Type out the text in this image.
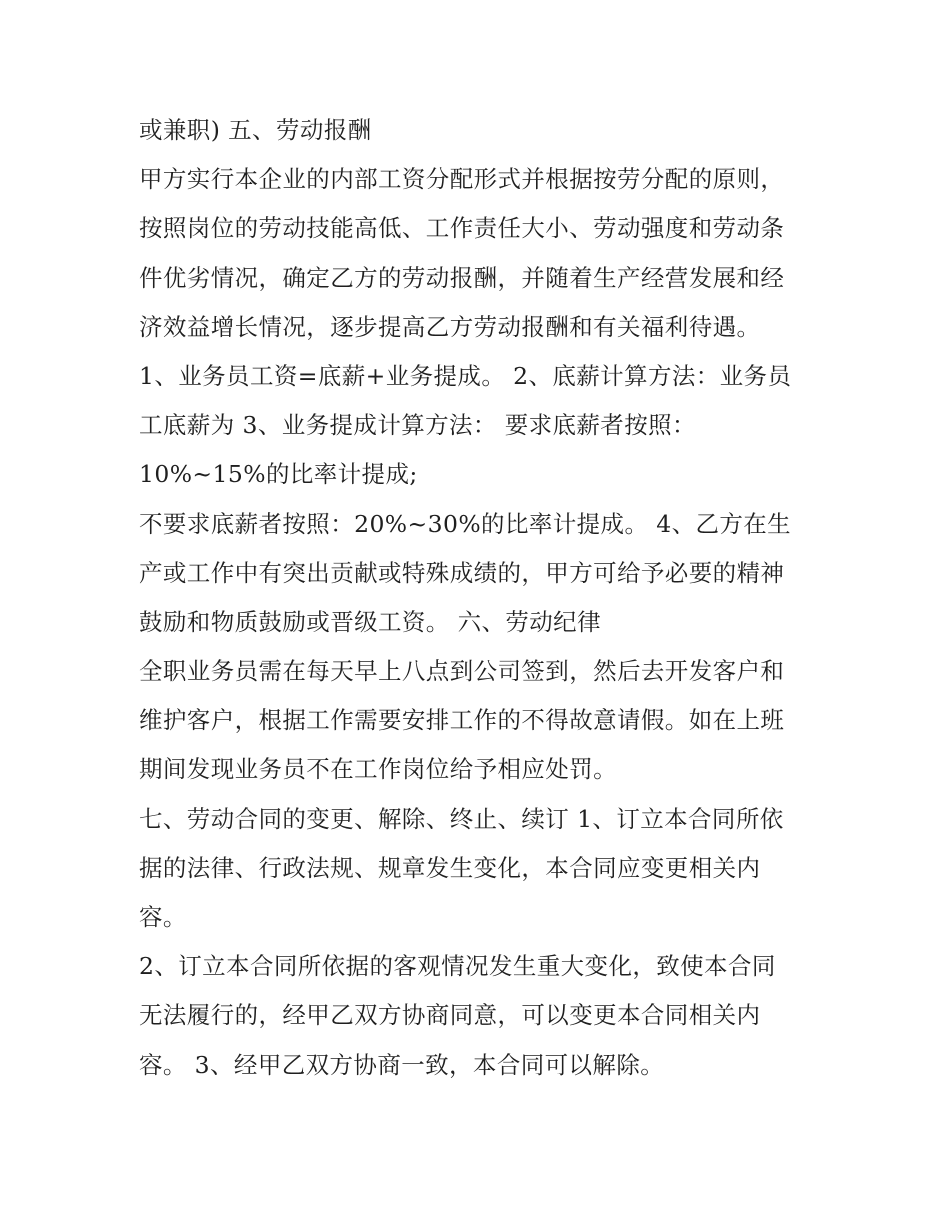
或兼职) 五、劳动报酬

甲方实行本企业的内部工资分配形式并根据按劳分配的原则，

按照岗位的劳动技能高低、工作责任大小、劳动强度和劳动条

件优劣情况，确定乙方的劳动报酬，并随着生产经营发展和经

济效益增长情况，逐步提高乙方劳动报酬和有关福利待遇。

1、业务员工资=底薪+业务提成。 2、底薪计算方法：业务员

工底薪为 3、业务提成计算方法： 要求底薪者按照：

10%~15%的比率计提成;

不要求底薪者按照：20%~30%的比率计提成。 4、乙方在生

产或工作中有突出贡献或特殊成绩的，甲方可给予必要的精神

鼓励和物质鼓励或晋级工资。 六、劳动纪律

全职业务员需在每天早上八点到公司签到，然后去开发客户和

维护客户，根据工作需要安排工作的不得故意请假。如在上班

期间发现业务员不在工作岗位给予相应处罚。

七、劳动合同的变更、解除、终止、续订 1、订立本合同所依

据的法律、行政法规、规章发生变化，本合同应变更相关内

容。

2、订立本合同所依据的客观情况发生重大变化，致使本合同

无法履行的，经甲乙双方协商同意，可以变更本合同相关内

容。 3、经甲乙双方协商一致，本合同可以解除。
